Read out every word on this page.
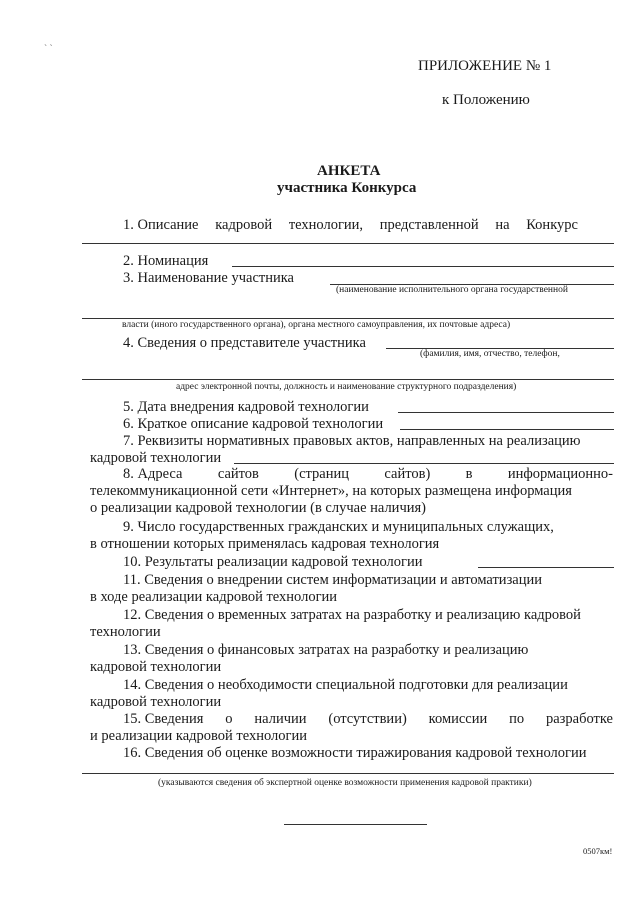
` `
ПРИЛОЖЕНИЕ № 1
к Положению
АНКЕТА
участника Конкурса
1. Описание кадровой технологии, представленной на Конкурс
2. Номинация
3. Наименование участника
(наименование исполнительного органа государственной
власти (иного государственного органа), органа местного самоуправления, их почтовые адреса)
4. Сведения о представителе участника
(фамилия, имя, отчество, телефон,
адрес электронной почты, должность и наименование структурного подразделения)
5. Дата внедрения кадровой технологии
6. Краткое описание кадровой технологии
7. Реквизиты нормативных правовых актов, направленных на реализацию
кадровой технологии
8. Адреса сайтов (страниц сайтов) в информационно-
телекоммуникационной сети «Интернет», на которых размещена информация
о реализации кадровой технологии (в случае наличия)
9. Число государственных гражданских и муниципальных служащих,
в отношении которых применялась кадровая технология
10. Результаты реализации кадровой технологии
11. Сведения о внедрении систем информатизации и автоматизации
в ходе реализации кадровой технологии
12. Сведения о временных затратах на разработку и реализацию кадровой
технологии
13. Сведения о финансовых затратах на разработку и реализацию
кадровой технологии
14. Сведения о необходимости специальной подготовки для реализации
кадровой технологии
15. Сведения о наличии (отсутствии) комиссии по разработке
и реализации кадровой технологии
16. Сведения об оценке возможности тиражирования кадровой технологии
(указываются сведения об экспертной оценке возможности применения кадровой практики)
0507км!
